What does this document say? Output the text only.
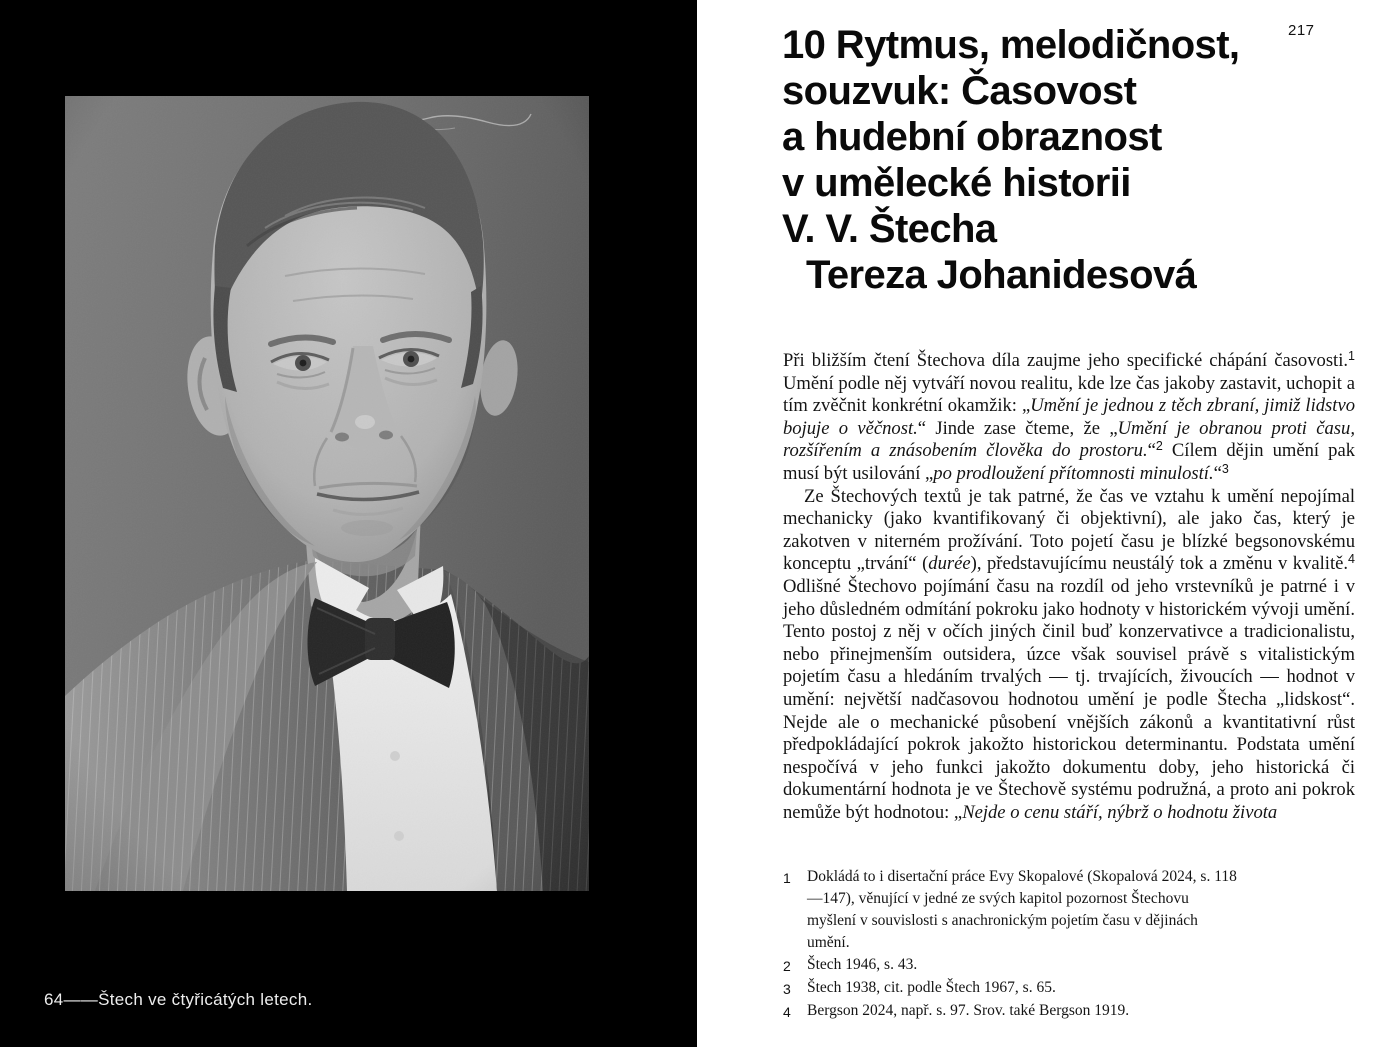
64——Štech ve čtyřicátých letech.
217
10 Rytmus, melodičnost,
souzvuk: Časovost
a hudební obraznost
v umělecké historii
V. V. Štecha
Tereza Johanidesová

Při bližším čtení Štechova díla zaujme jeho specifické chápání časovosti.$^1$ Umění podle něj vytváří novou realitu, kde lze čas jakoby zastavit, uchopit a tím zvěčnit konkrétní okamžik: „Umění je jednou z těch zbraní, jimiž lidstvo bojuje o věčnost.“ Jinde zase čteme, že „Umění je obranou proti času, rozšířením a znásobením člověka do prostoru.“$^2$ Cílem dějin umění pak musí být usilování „po prodloužení přítomnosti minulostí.“$^3$

Ze Štechových textů je tak patrné, že čas ve vztahu k umění nepojímal mechanicky (jako kvantifikovaný či objektivní), ale jako čas, který je zakotven v niterném prožívání. Toto pojetí času je blízké begsonovskému konceptu „trvání“ (durée), představujícímu neustálý tok a změnu v kvalitě.$^4$ Odlišné Štechovo pojímání času na rozdíl od jeho vrstevníků je patrné i v jeho důsledném odmítání pokroku jako hodnoty v historickém vývoji umění. Tento postoj z něj v očích jiných činil buď konzervativce a tradicionalistu, nebo přinejmenším outsidera, úzce však souvisel právě s vitalistickým pojetím času a hledáním trvalých — tj. trvajících, živoucích — hodnot v umění: největší nadčasovou hodnotou umění je podle Štecha „lidskost“. Nejde ale o mechanické působení vnějších zákonů a kvantitativní růst předpokládající pokrok jakožto historickou determinantu. Podstata umění nespočívá v jeho funkci jakožto dokumentu doby, jeho historická či dokumentární hodnota je ve Štechově systému podružná, a proto ani pokrok nemůže být hodnotou: „Nejde o cenu stáří, nýbrž o hodnotu života

1	Dokládá to i disertační práce Evy Skopalové (Skopalová 2024, s. 118—147), věnující v jedné ze svých kapitol pozornost Štechovu myšlení v souvislosti s anachronickým pojetím času v dějinách umění.
2	Štech 1946, s. 43.
3	Štech 1938, cit. podle Štech 1967, s. 65.
4	Bergson 2024, např. s. 97. Srov. také Bergson 1919.
